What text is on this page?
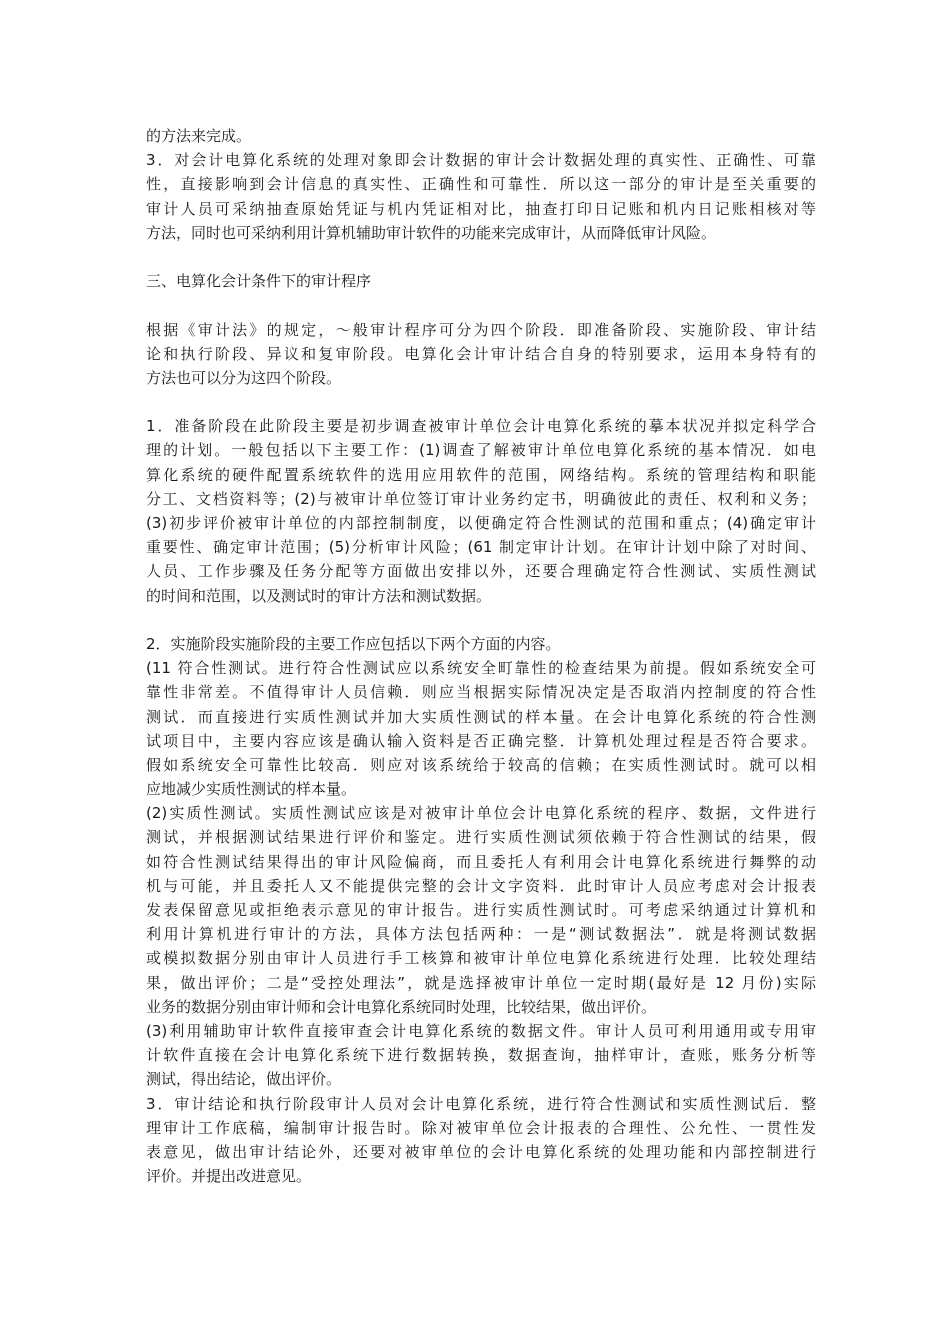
的方法来完成。
3．对会计电算化系统的处理对象即会计数据的审计会计数据处理的真实性、正确性、可靠
性，直接影响到会计信息的真实性、正确性和可靠性．所以这一部分的审计是至关重要的
审计人员可采纳抽查原始凭证与机内凭证相对比，抽查打印日记账和机内日记账相核对等
方法，同时也可采纳利用计算机辅助审计软件的功能来完成审计，从而降低审计风险。
三、电算化会计条件下的审计程序
根据《审计法》的规定，～般审计程序可分为四个阶段．即准备阶段、实施阶段、审计结
论和执行阶段、异议和复审阶段。电算化会计审计结合自身的特别要求，运用本身特有的
方法也可以分为这四个阶段。
1．准备阶段在此阶段主要是初步调查被审计单位会计电算化系统的摹本状况并拟定科学合
理的计划。一般包括以下主要工作：(1)调查了解被审计单位电算化系统的基本情况．如电
算化系统的硬件配置系统软件的选用应用软件的范围，网络结构。系统的管理结构和职能
分工、文档资料等；(2)与被审计单位签订审计业务约定书，明确彼此的责任、权利和义务；
(3)初步评价被审计单位的内部控制制度，以便确定符合性测试的范围和重点；(4)确定审计
重要性、确定审计范围；(5)分析审计风险；(61 制定审计计划。在审计计划中除了对时间、
人员、工作步骤及任务分配等方面做出安排以外，还要合理确定符合性测试、实质性测试
的时间和范围，以及测试时的审计方法和测试数据。
2．实施阶段实施阶段的主要工作应包括以下两个方面的内容。
(11 符合性测试。进行符合性测试应以系统安全町靠性的检查结果为前提。假如系统安全可
靠性非常差。不值得审计人员信赖．则应当根据实际情况决定是否取消内控制度的符合性
测试．而直接进行实质性测试并加大实质性测试的样本量。在会计电算化系统的符合性测
试项目中，主要内容应该是确认输入资料是否正确完整．计算机处理过程是否符合要求。
假如系统安全可靠性比较高．则应对该系统给于较高的信赖；在实质性测试时。就可以相
应地减少实质性测试的样本量。
(2)实质性测试。实质性测试应该是对被审计单位会计电算化系统的程序、数据，文件进行
测试，并根据测试结果进行评价和鉴定。进行实质性测试须依赖于符合性测试的结果，假
如符合性测试结果得出的审计风险偏商，而且委托人有利用会计电算化系统进行舞弊的动
机与可能，并且委托人又不能提供完整的会计文字资料．此时审计人员应考虑对会计报表
发表保留意见或拒绝表示意见的审计报告。进行实质性测试时。可考虑采纳通过计算机和
利用计算机进行审计的方法，具体方法包括两种：一是“测试数据法”．就是将测试数据
或模拟数据分别由审计人员进行手工核算和被审计单位电算化系统进行处理．比较处理结
果，做出评价；二是“受控处理法”，就是选择被审计单位一定时期(最好是 12 月份)实际
业务的数据分别由审计师和会计电算化系统同时处理，比较结果，做出评价。
(3)利用辅助审计软件直接审查会计电算化系统的数据文件。审计人员可利用通用或专用审
计软件直接在会计电算化系统下进行数据转换，数据查询，抽样审计，查账，账务分析等
测试，得出结论，做出评价。
3．审计结论和执行阶段审计人员对会计电算化系统，进行符合性测试和实质性测试后．整
理审计工作底稿，编制审计报告时。除对被审单位会计报表的合理性、公允性、一贯性发
表意见，做出审计结论外，还要对被审单位的会计电算化系统的处理功能和内部控制进行
评价。并提出改进意见。
